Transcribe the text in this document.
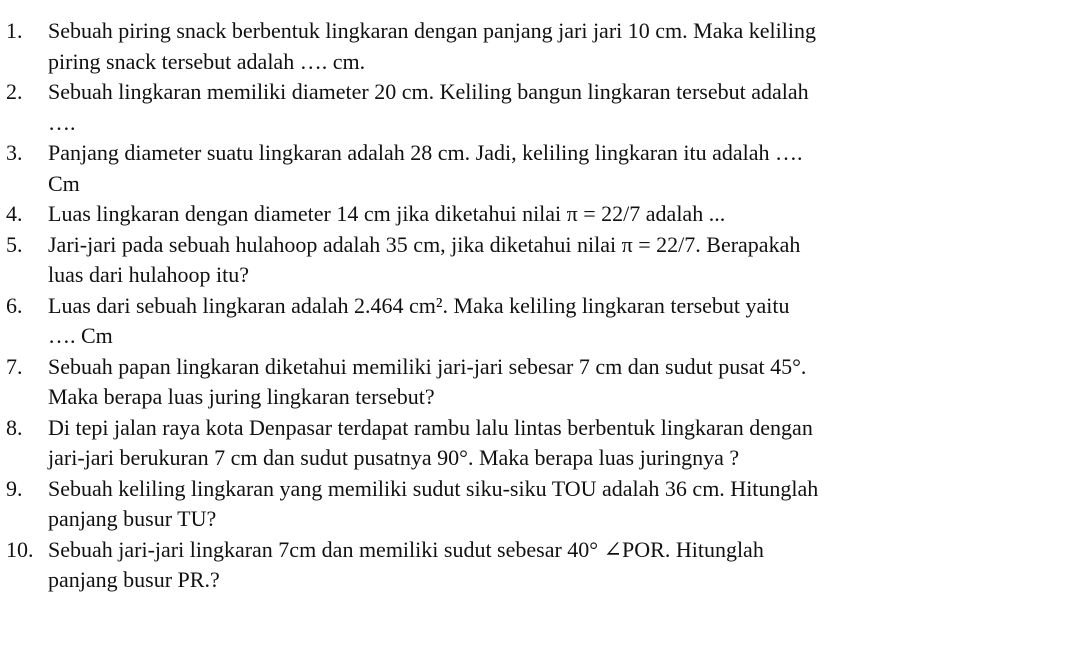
1.	Sebuah piring snack berbentuk lingkaran dengan panjang jari jari 10 cm. Maka keliling
piring snack tersebut adalah …. cm.
2.	Sebuah lingkaran memiliki diameter 20 cm. Keliling bangun lingkaran tersebut adalah
….
3.	Panjang diameter suatu lingkaran adalah 28 cm. Jadi, keliling lingkaran itu adalah ….
Cm
4.	Luas lingkaran dengan diameter 14 cm jika diketahui nilai π = 22/7 adalah ...
5.	Jari-jari pada sebuah hulahoop adalah 35 cm, jika diketahui nilai π = 22/7. Berapakah
luas dari hulahoop itu?
6.	Luas dari sebuah lingkaran adalah 2.464 cm². Maka keliling lingkaran tersebut yaitu
…. Cm
7.	Sebuah papan lingkaran diketahui memiliki jari-jari sebesar 7 cm dan sudut pusat 45°.
Maka berapa luas juring lingkaran tersebut?
8.	Di tepi jalan raya kota Denpasar terdapat rambu lalu lintas berbentuk lingkaran dengan
jari-jari berukuran 7 cm dan sudut pusatnya 90°. Maka berapa luas juringnya ?
9.	Sebuah keliling lingkaran yang memiliki sudut siku-siku TOU adalah 36 cm. Hitunglah
panjang busur TU?
10. Sebuah jari-jari lingkaran 7cm dan memiliki sudut sebesar 40° ∠POR. Hitunglah
panjang busur PR.?
